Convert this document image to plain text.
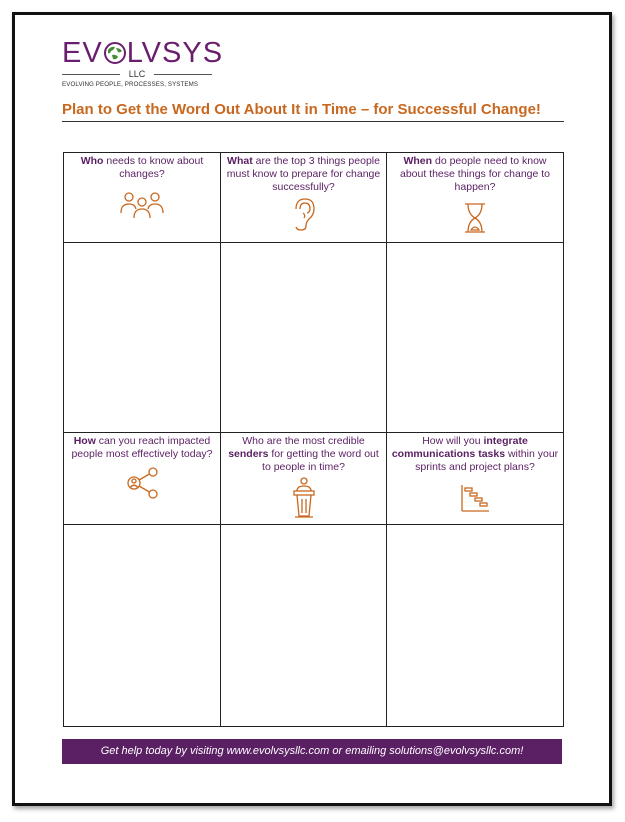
EV LVSYS
LLC
EVOLVING PEOPLE, PROCESSES, SYSTEMS
Plan to Get the Word Out About It in Time – for Successful Change!
Who needs to know about changes?	What are the top 3 things people must know to prepare for change successfully?	When do people need to know about these things for change to happen?

How can you reach impacted people most effectively today?	Who are the most credible senders for getting the word out to people in time?	How will you integrate communications tasks within your sprints and project plans?

Get help today by visiting www.evolvsysllc.com or emailing solutions@evolvsysllc.com!
